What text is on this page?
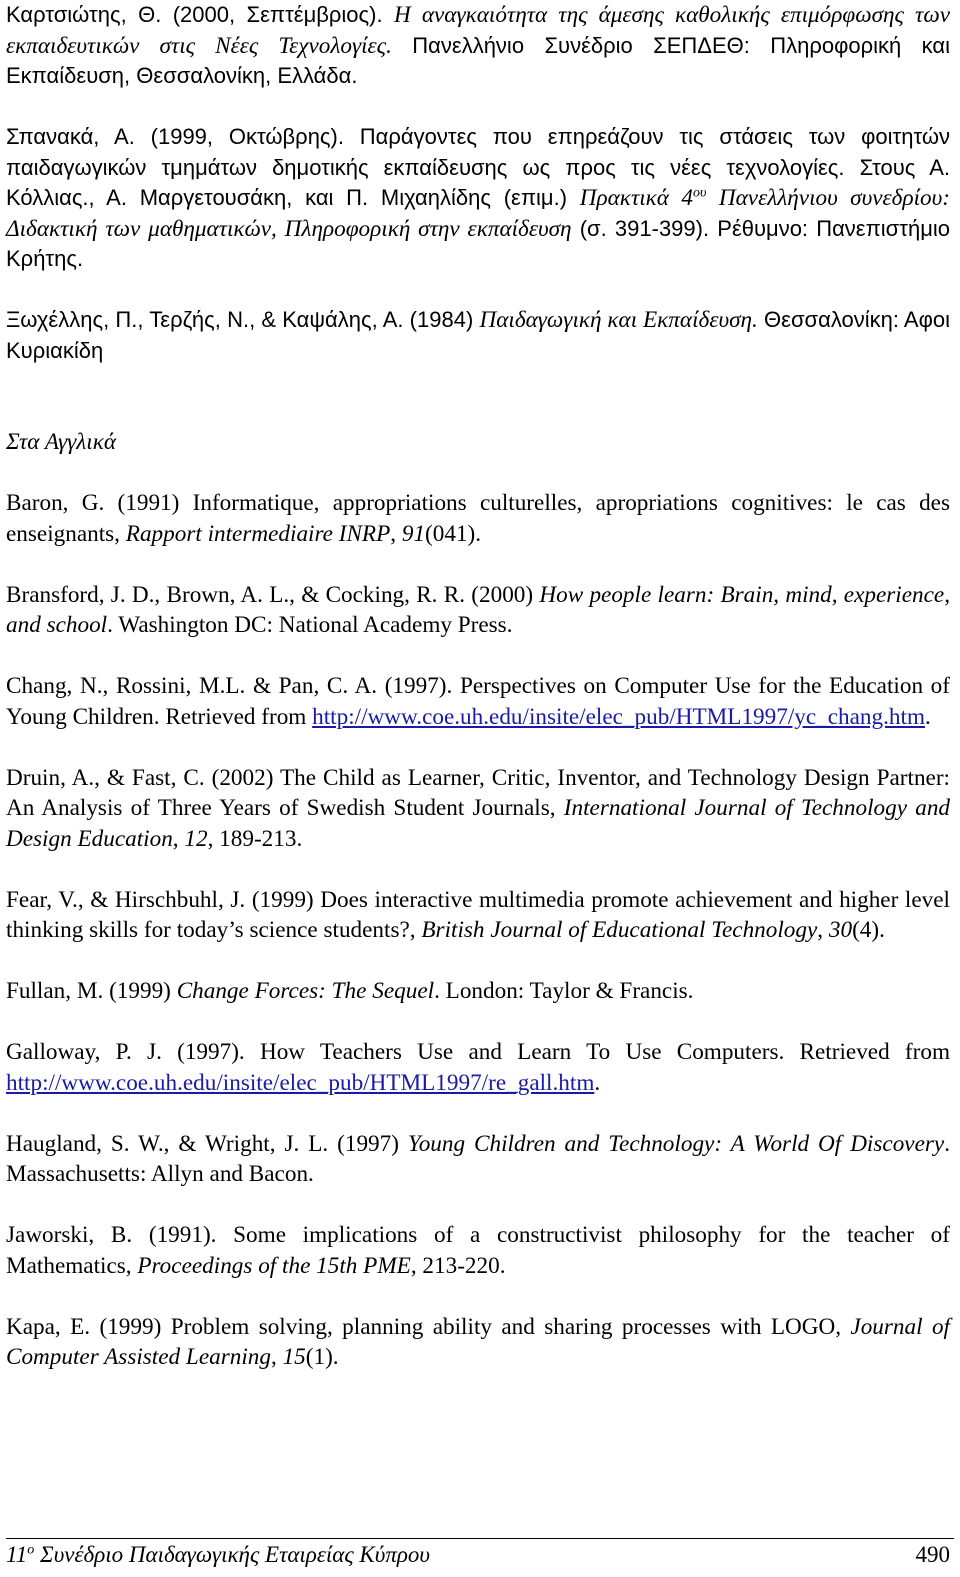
Καρτσιώτης, Θ. (2000, Σεπτέμβριος). Η αναγκαιότητα της άμεσης καθολικής επιμόρφωσης των εκπαιδευτικών στις Νέες Τεχνολογίες. Πανελλήνιο Συνέδριο ΣΕΠΔΕΘ: Πληροφορική και Εκπαίδευση, Θεσσαλονίκη, Ελλάδα.

Σπανακά, Α. (1999, Οκτώβρης). Παράγοντες που επηρεάζουν τις στάσεις των φοιτητών παιδαγωγικών τμημάτων δημοτικής εκπαίδευσης ως προς τις νέες τεχνολογίες. Στους Α. Κόλλιας., Α. Μαργετουσάκη, και Π. Μιχαηλίδης (επιμ.) Πρακτικά $4^{o\upsilon}$ Πανελλήνιου συνεδρίου: Διδακτική των μαθηματικών, Πληροφορική στην εκπαίδευση (σ. 391-399). Ρέθυμνο: Πανεπιστήμιο Κρήτης.

Ξωχέλλης, Π., Τερζής, Ν., & Καψάλης, Α. (1984) Παιδαγωγική και Εκπαίδευση. Θεσσαλονίκη: Αφοι Κυριακίδη

Στα Αγγλικά

Baron, G. (1991) Informatique, appropriations culturelles, apropriations cognitives: le cas des enseignants, Rapport intermediaire INRP, 91(041).

Bransford, J. D., Brown, A. L., & Cocking, R. R. (2000) How people learn: Brain, mind, experience, and school. Washington DC: National Academy Press.

Chang, N., Rossini, M.L. & Pan, C. A. (1997). Perspectives on Computer Use for the Education of Young Children. Retrieved from http://www.coe.uh.edu/insite/elec_pub/HTML1997/yc_chang.htm.

Druin, A., & Fast, C. (2002) The Child as Learner, Critic, Inventor, and Technology Design Partner: An Analysis of Three Years of Swedish Student Journals, International Journal of Technology and Design Education, 12, 189-213.

Fear, V., & Hirschbuhl, J. (1999) Does interactive multimedia promote achievement and higher level thinking skills for today’s science students?, British Journal of Educational Technology, 30(4).

Fullan, M. (1999) Change Forces: The Sequel. London: Taylor & Francis.

Galloway, P. J. (1997). How Teachers Use and Learn To Use Computers. Retrieved from http://www.coe.uh.edu/insite/elec_pub/HTML1997/re_gall.htm.

Haugland, S. W., & Wright, J. L. (1997) Young Children and Technology: A World Of Discovery. Massachusetts: Allyn and Bacon.

Jaworski, B. (1991). Some implications of a constructivist philosophy for the teacher of Mathematics, Proceedings of the 15th PME, 213-220.

Kapa, E. (1999) Problem solving, planning ability and sharing processes with LOGO, Journal of Computer Assisted Learning, 15(1).

$11^o$ Συνέδριο Παιδαγωγικής Εταιρείας Κύπρου	490
